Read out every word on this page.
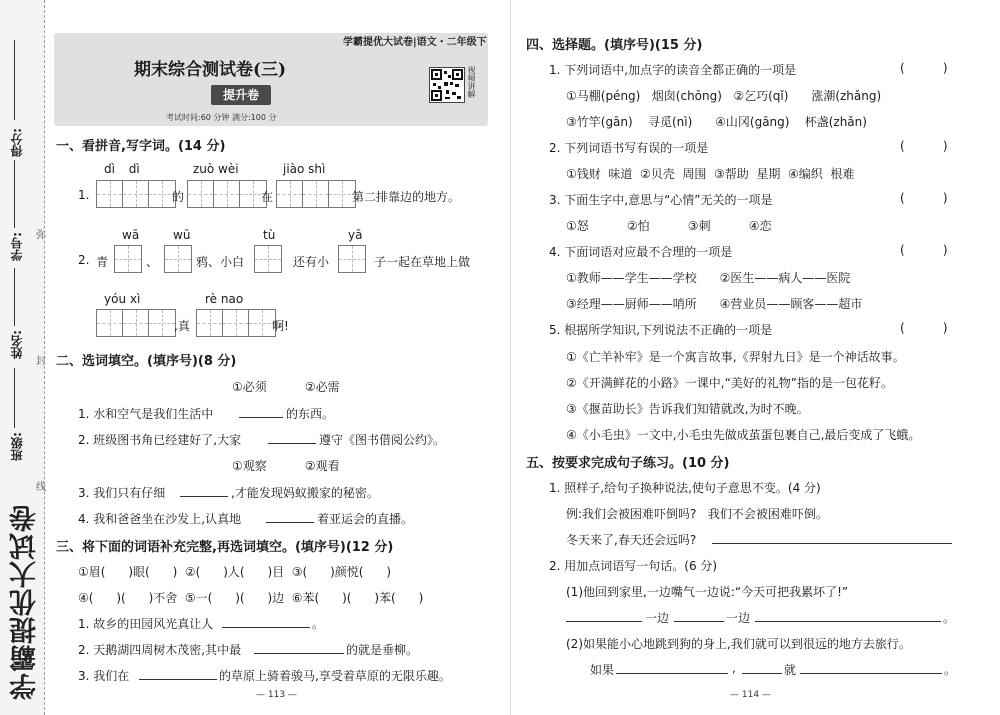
得分:
学号:
姓名:
班级:
弥
封
线
学霸提优大试卷
学霸提优大试卷|语文・二年级下
期末综合测试卷(三)
提升卷
考试时间:60 分钟 满分:100 分
视频讲解
一、看拼音,写字词。(14 分)
dì dì	zuò wèi	jiào shì
1.	的	在	第二排靠边的地方。
wā	wū	tù	yā
2. 青	、	鸦、小白	还有小	子一起在草地上做
yóu xì	rè nao
,真	啊!
二、选词填空。(填序号)(8 分)
①必须          ②必需
1. 水和空气是我们生活中	的东西。
2. 班级图书角已经建好了,大家	遵守《图书借阅公约》。
①观察          ②观看
3. 我们只有仔细	,才能发现妈蚁搬家的秘密。
4. 我和爸爸坐在沙发上,认真地	着亚运会的直播。
三、将下面的词语补充完整,再选词填空。(填序号)(12 分)
①眉(      )眼(      )  ②(      )人(      )目  ③(      )颜悦(      )
④(      )(      )不舍  ⑤一(      )(      )边  ⑥苯(      )(      )苯(      )
1. 故乡的田园风光真让人	。
2. 天鹅湖四周树木茂密,其中最	的就是垂柳。
3. 我们在	的草原上骑着骏马,享受着草原的无限乐趣。
— 113 —
四、选择题。(填序号)(15 分)
1. 下列词语中,加点字的读音全都正确的一项是	(          )
①马棚(péng)   烟囱(chōng)   ②乞巧(qǐ)      涨潮(zhǎng)
③竹竿(gān)    寻觅(nì)      ④山冈(gāng)    杯盏(zhǎn)
2. 下列词语书写有误的一项是	(          )
①钱财  味道  ②贝壳  周围  ③帮助  星期  ④编织  根难
3. 下面生字中,意思与“心情”无关的一项是	(          )
①怒          ②怕          ③刺          ④恋
4. 下面词语对应最不合理的一项是	(          )
①教师——学生——学校      ②医生——病人——医院
③经理——厨师——哨所      ④营业员——顾客——超市
5. 根据所学知识,下列说法不正确的一项是	(          )
①《亡羊补牢》是一个寓言故事,《羿射九日》是一个神话故事。
②《开满鲜花的小路》一课中,“美好的礼物”指的是一包花籽。
③《揠苗助长》告诉我们知错就改,为时不晚。
④《小毛虫》一文中,小毛虫先做成茧蛋包裹自己,最后变成了飞蛾。
五、按要求完成句子练习。(10 分)
1. 照样子,给句子换种说法,使句子意思不变。(4 分)
例:我们会被困难吓倒吗?   我们不会被困难吓倒。
冬天来了,春天还会远吗?
2. 用加点词语写一句话。(6 分)
(1)他回到家里,一边嘴气一边说:“今天可把我累坏了!”
一边	一边	。
(2)如果能小心地跳到狗的身上,我们就可以到很远的地方去旅行。
如果	,	就	。
— 114 —
